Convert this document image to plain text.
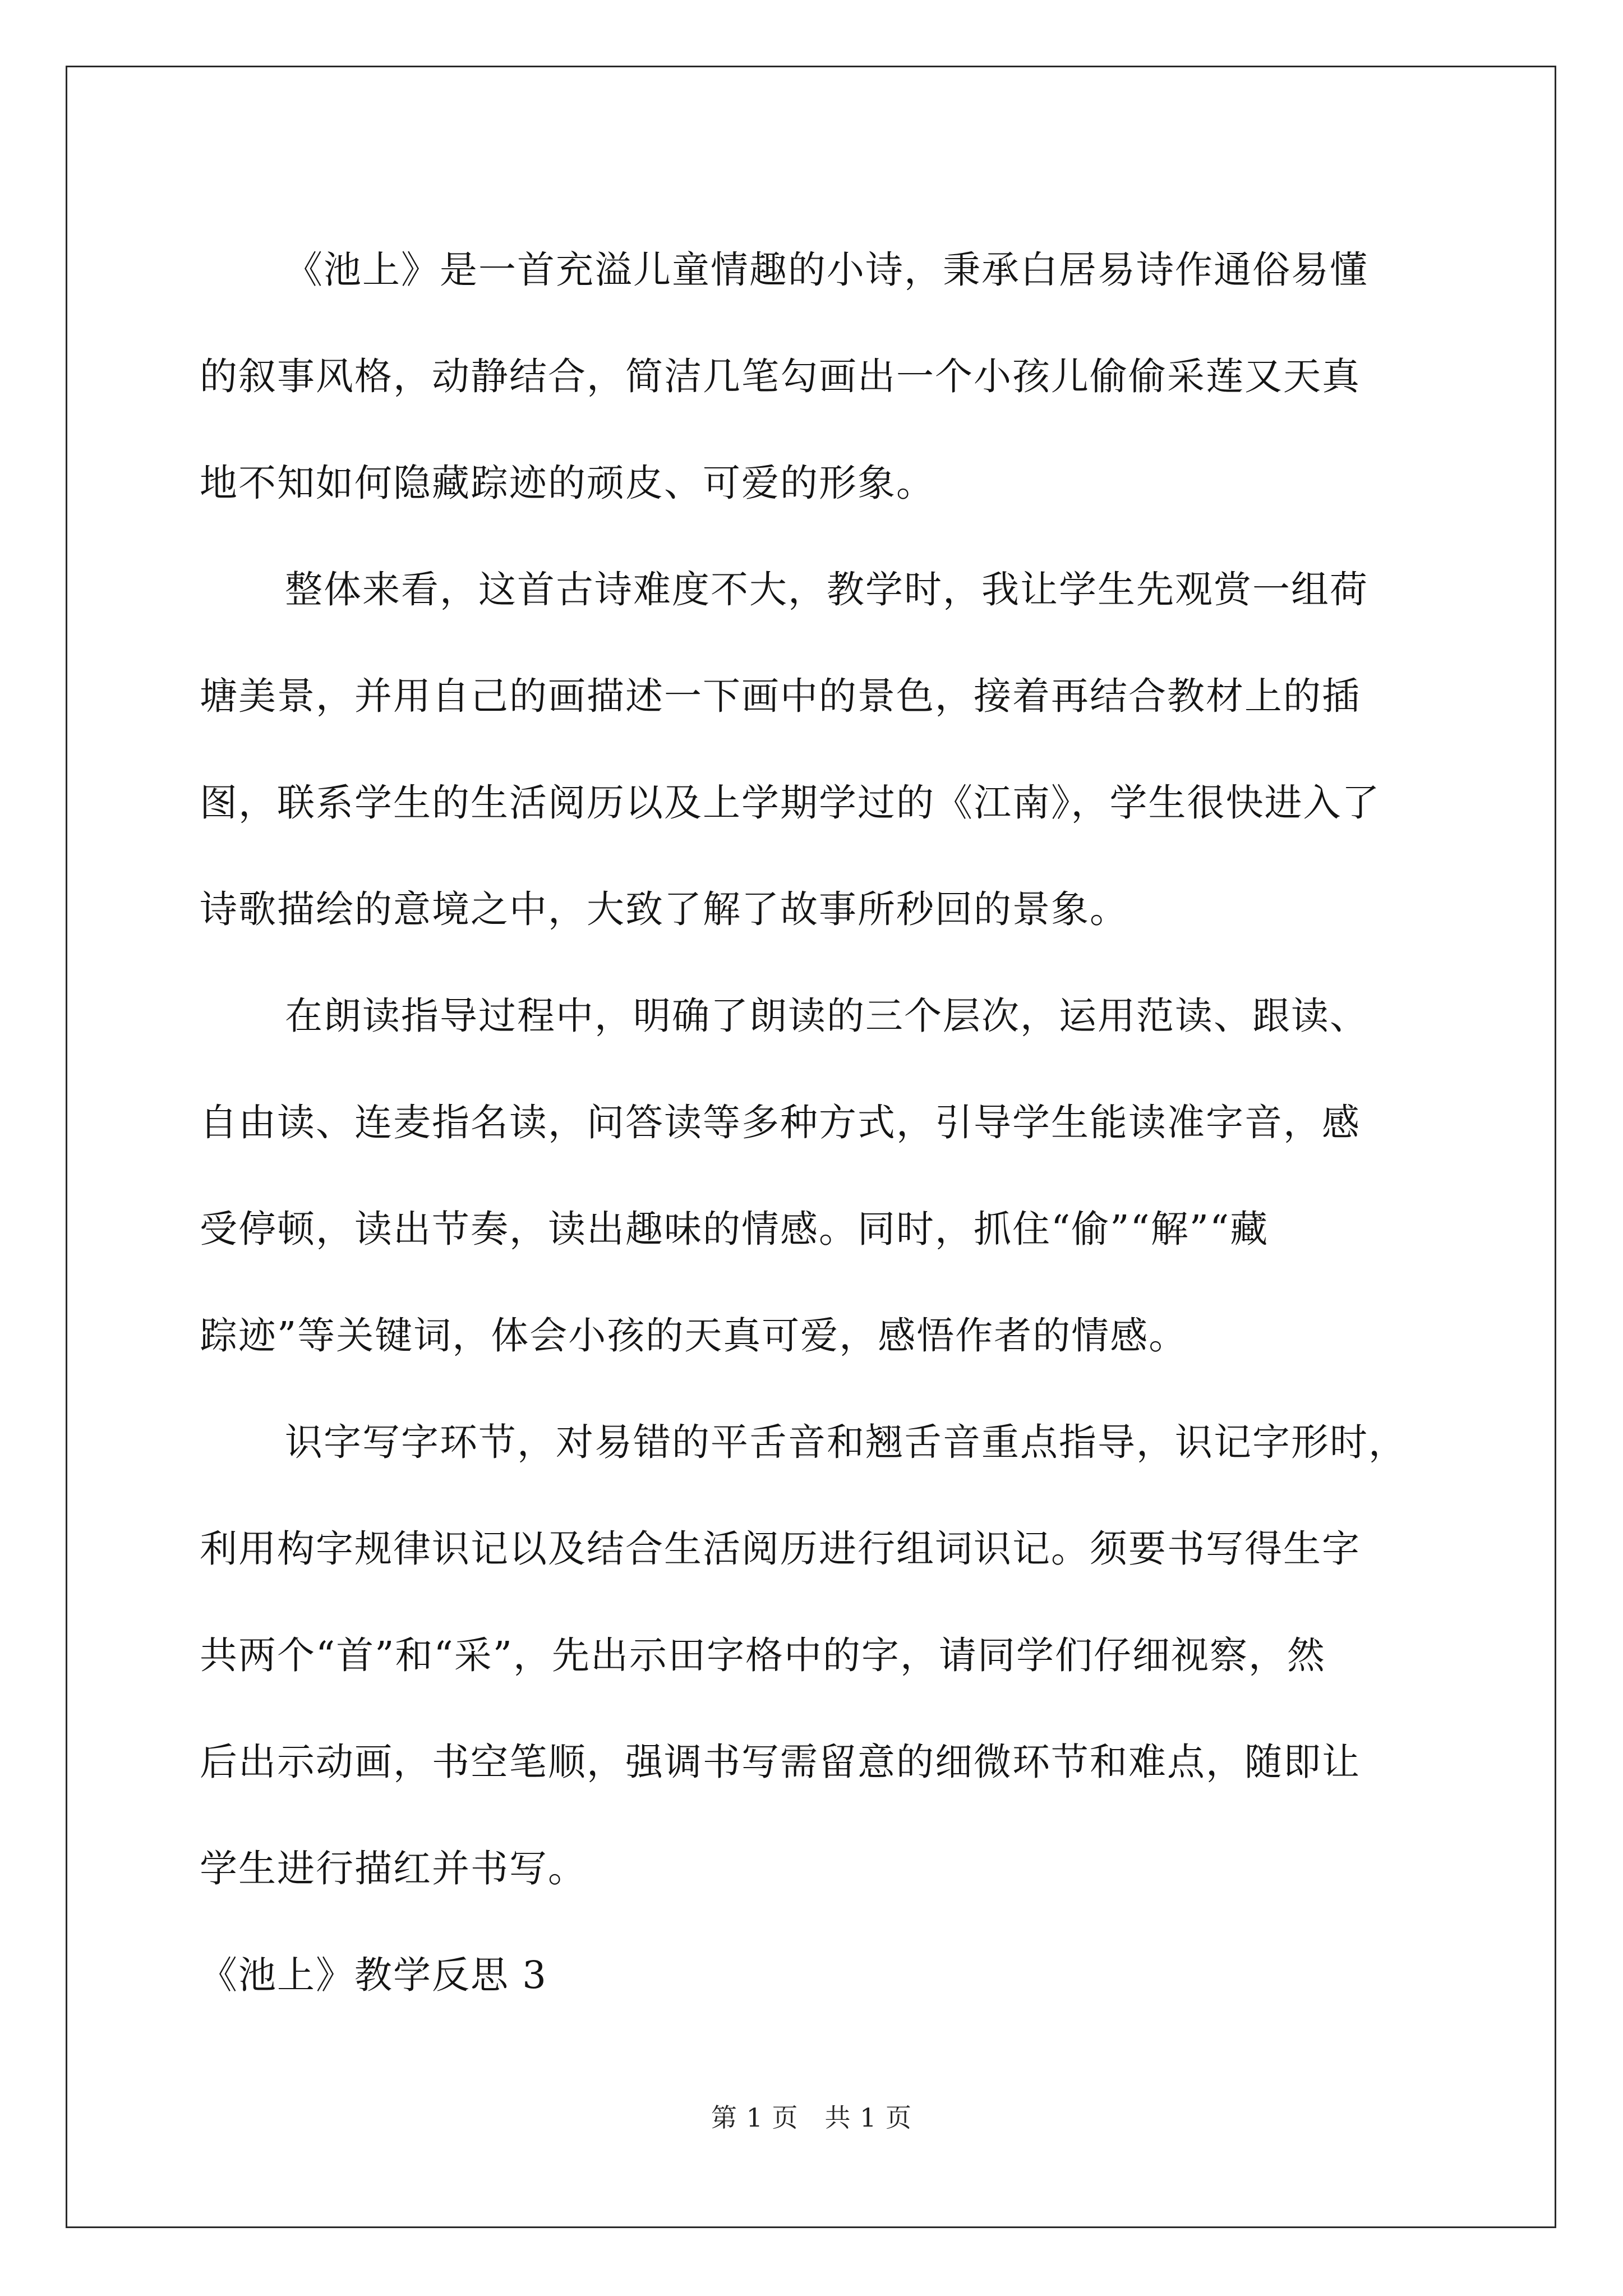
《池上》是一首充溢儿童情趣的小诗，秉承白居易诗作通俗易懂
的叙事风格，动静结合，简洁几笔勾画出一个小孩儿偷偷采莲又天真
地不知如何隐藏踪迹的顽皮、可爱的形象。
整体来看，这首古诗难度不大，教学时，我让学生先观赏一组荷
塘美景，并用自己的画描述一下画中的景色，接着再结合教材上的插
图，联系学生的生活阅历以及上学期学过的《江南》，学生很快进入了
诗歌描绘的意境之中，大致了解了故事所秒回的景象。
在朗读指导过程中，明确了朗读的三个层次，运用范读、跟读、
自由读、连麦指名读，问答读等多种方式，引导学生能读准字音，感
受停顿，读出节奏，读出趣味的情感。同时，抓住“偷”“解”“藏
踪迹”等关键词，体会小孩的天真可爱，感悟作者的情感。
识字写字环节，对易错的平舌音和翘舌音重点指导，识记字形时，
利用构字规律识记以及结合生活阅历进行组词识记。须要书写得生字
共两个“首”和“采”，先出示田字格中的字，请同学们仔细视察，然
后出示动画，书空笔顺，强调书写需留意的细微环节和难点，随即让
学生进行描红并书写。
《池上》教学反思 3
第 1 页　共 1 页
